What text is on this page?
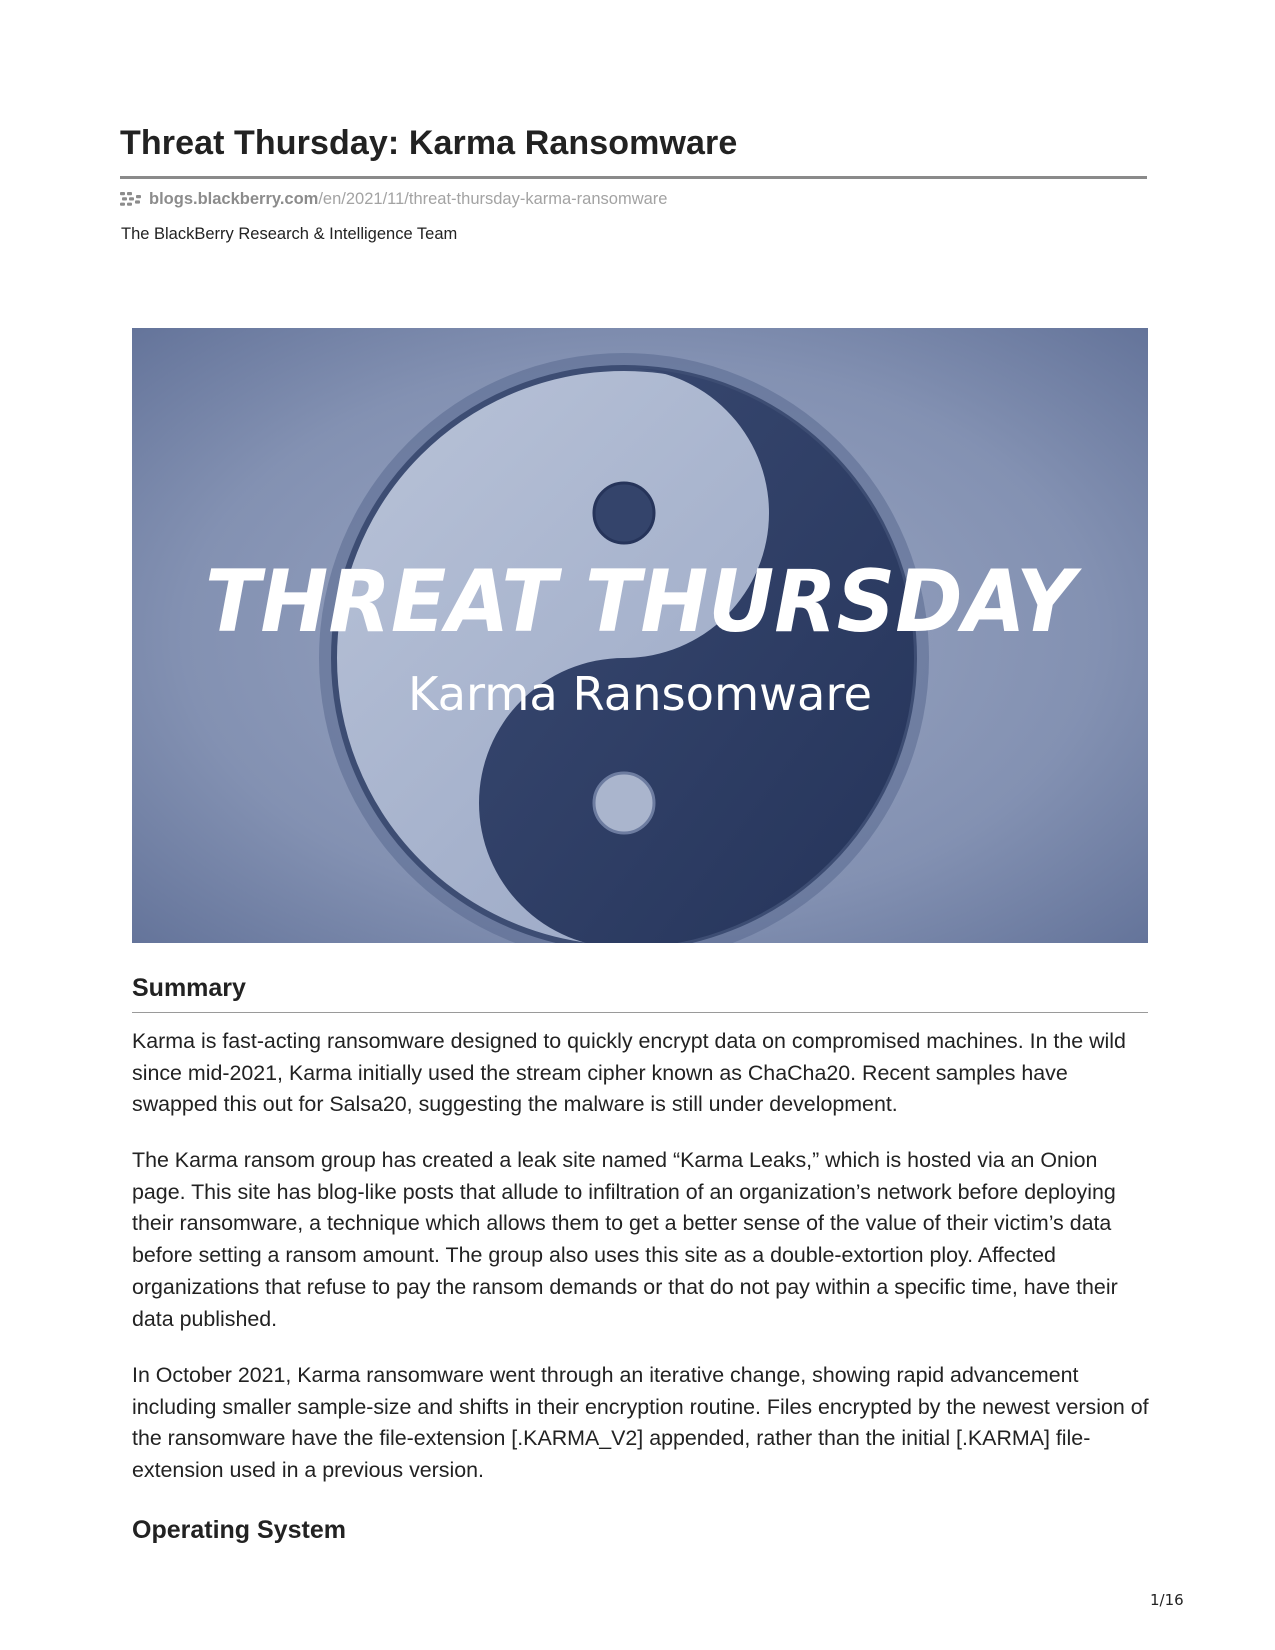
Threat Thursday: Karma Ransomware
blogs.blackberry.com /en/2021/11/threat-thursday-karma-ransomware
The BlackBerry Research & Intelligence Team
THREAT THURSDAY
Karma Ransomware
Summary

Karma is fast-acting ransomware designed to quickly encrypt data on compromised machines. In the wild since mid-2021, Karma initially used the stream cipher known as ChaCha20. Recent samples have swapped this out for Salsa20, suggesting the malware is still under development.

The Karma ransom group has created a leak site named “Karma Leaks,” which is hosted via an Onion page. This site has blog-like posts that allude to infiltration of an organization’s network before deploying their ransomware, a technique which allows them to get a better sense of the value of their victim’s data before setting a ransom amount. The group also uses this site as a double-extortion ploy. Affected organizations that refuse to pay the ransom demands or that do not pay within a specific time, have their data published.

In October 2021, Karma ransomware went through an iterative change, showing rapid advancement including smaller sample-size and shifts in their encryption routine. Files encrypted by the newest version of the ransomware have the file-extension [.KARMA_V2] appended, rather than the initial [.KARMA] file-extension used in a previous version.

Operating System
1/16
